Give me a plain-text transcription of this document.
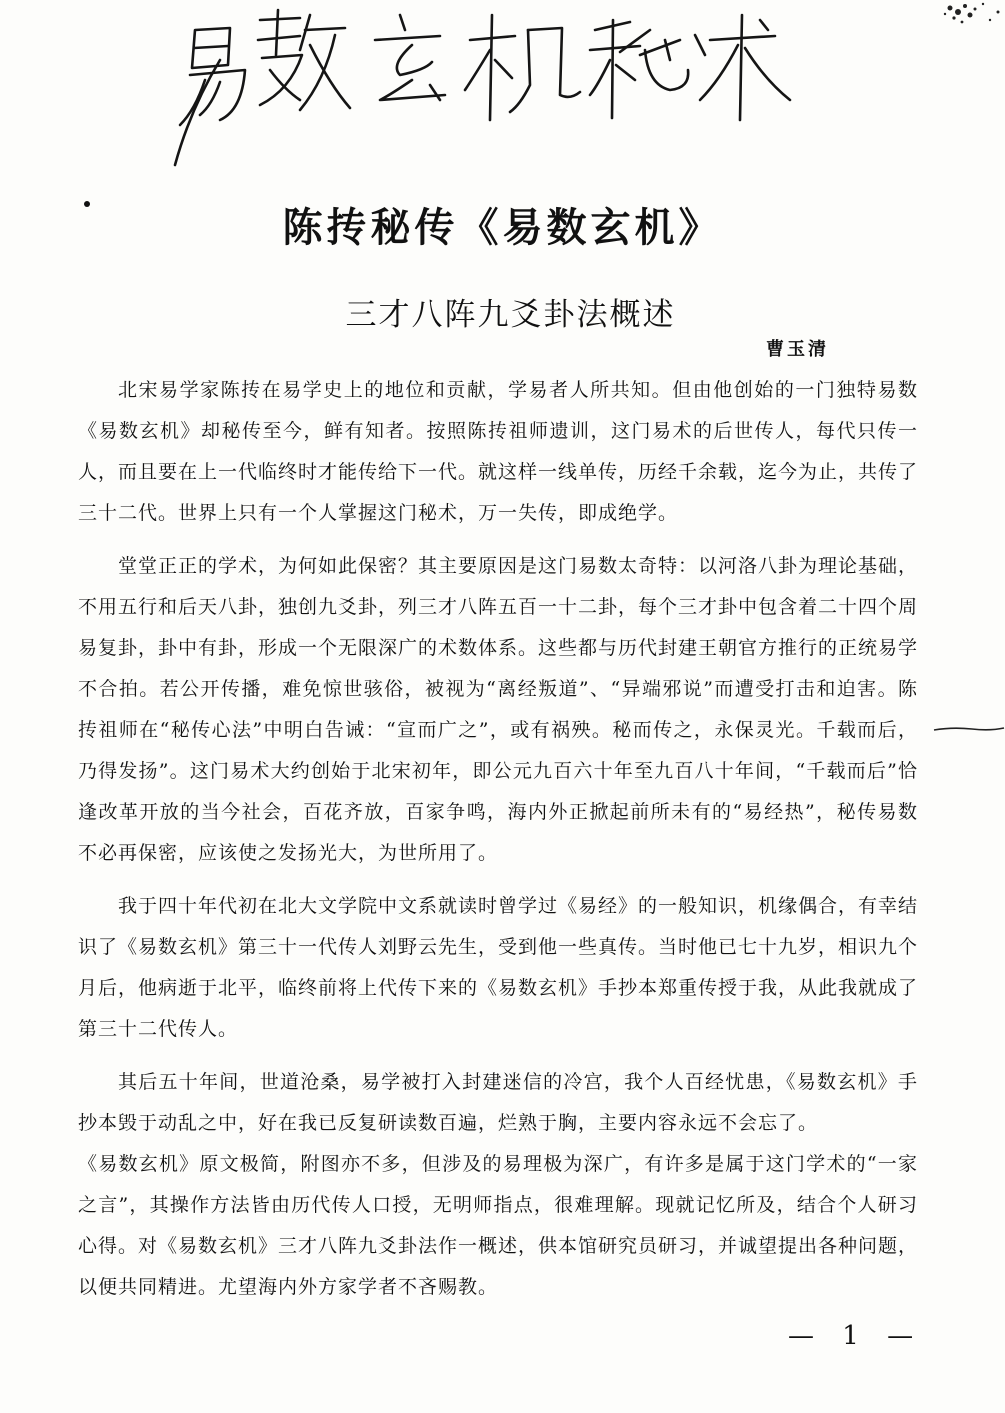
陈抟秘传《易数玄机》
三才八阵九爻卦法概述

曹玉清

北宋易学家陈抟在易学史上的地位和贡献，学易者人所共知。但由他创始的一门独特易数《易数玄机》却秘传至今，鲜有知者。按照陈抟祖师遗训，这门易术的后世传人，每代只传一人，而且要在上一代临终时才能传给下一代。就这样一线单传，历经千余载，迄今为止，共传了三十二代。世界上只有一个人掌握这门秘术，万一失传，即成绝学。

堂堂正正的学术，为何如此保密？其主要原因是这门易数太奇特：以河洛八卦为理论基础，不用五行和后天八卦，独创九爻卦，列三才八阵五百一十二卦，每个三才卦中包含着二十四个周易复卦，卦中有卦，形成一个无限深广的术数体系。这些都与历代封建王朝官方推行的正统易学不合拍。若公开传播，难免惊世骇俗，被视为“离经叛道”、“异端邪说”而遭受打击和迫害。陈抟祖师在“秘传心法”中明白告诫：“宣而广之”，或有祸殃。秘而传之，永保灵光。千载而后，乃得发扬”。这门易术大约创始于北宋初年，即公元九百六十年至九百八十年间，“千载而后”恰逢改革开放的当今社会，百花齐放，百家争鸣，海内外正掀起前所未有的“易经热”，秘传易数不必再保密，应该使之发扬光大，为世所用了。

我于四十年代初在北大文学院中文系就读时曾学过《易经》的一般知识，机缘偶合，有幸结识了《易数玄机》第三十一代传人刘野云先生，受到他一些真传。当时他已七十九岁，相识九个月后，他病逝于北平，临终前将上代传下来的《易数玄机》手抄本郑重传授于我，从此我就成了第三十二代传人。

其后五十年间，世道沧桑，易学被打入封建迷信的冷宫，我个人百经忧患，《易数玄机》手抄本毁于动乱之中，好在我已反复研读数百遍，烂熟于胸，主要内容永远不会忘了。

《易数玄机》原文极简，附图亦不多，但涉及的易理极为深广，有许多是属于这门学术的“一家之言”，其操作方法皆由历代传人口授，无明师指点，很难理解。现就记忆所及，结合个人研习心得。对《易数玄机》三才八阵九爻卦法作一概述，供本馆研究员研习，并诚望提出各种问题，以便共同精进。尤望海内外方家学者不吝赐教。

— 1 —
